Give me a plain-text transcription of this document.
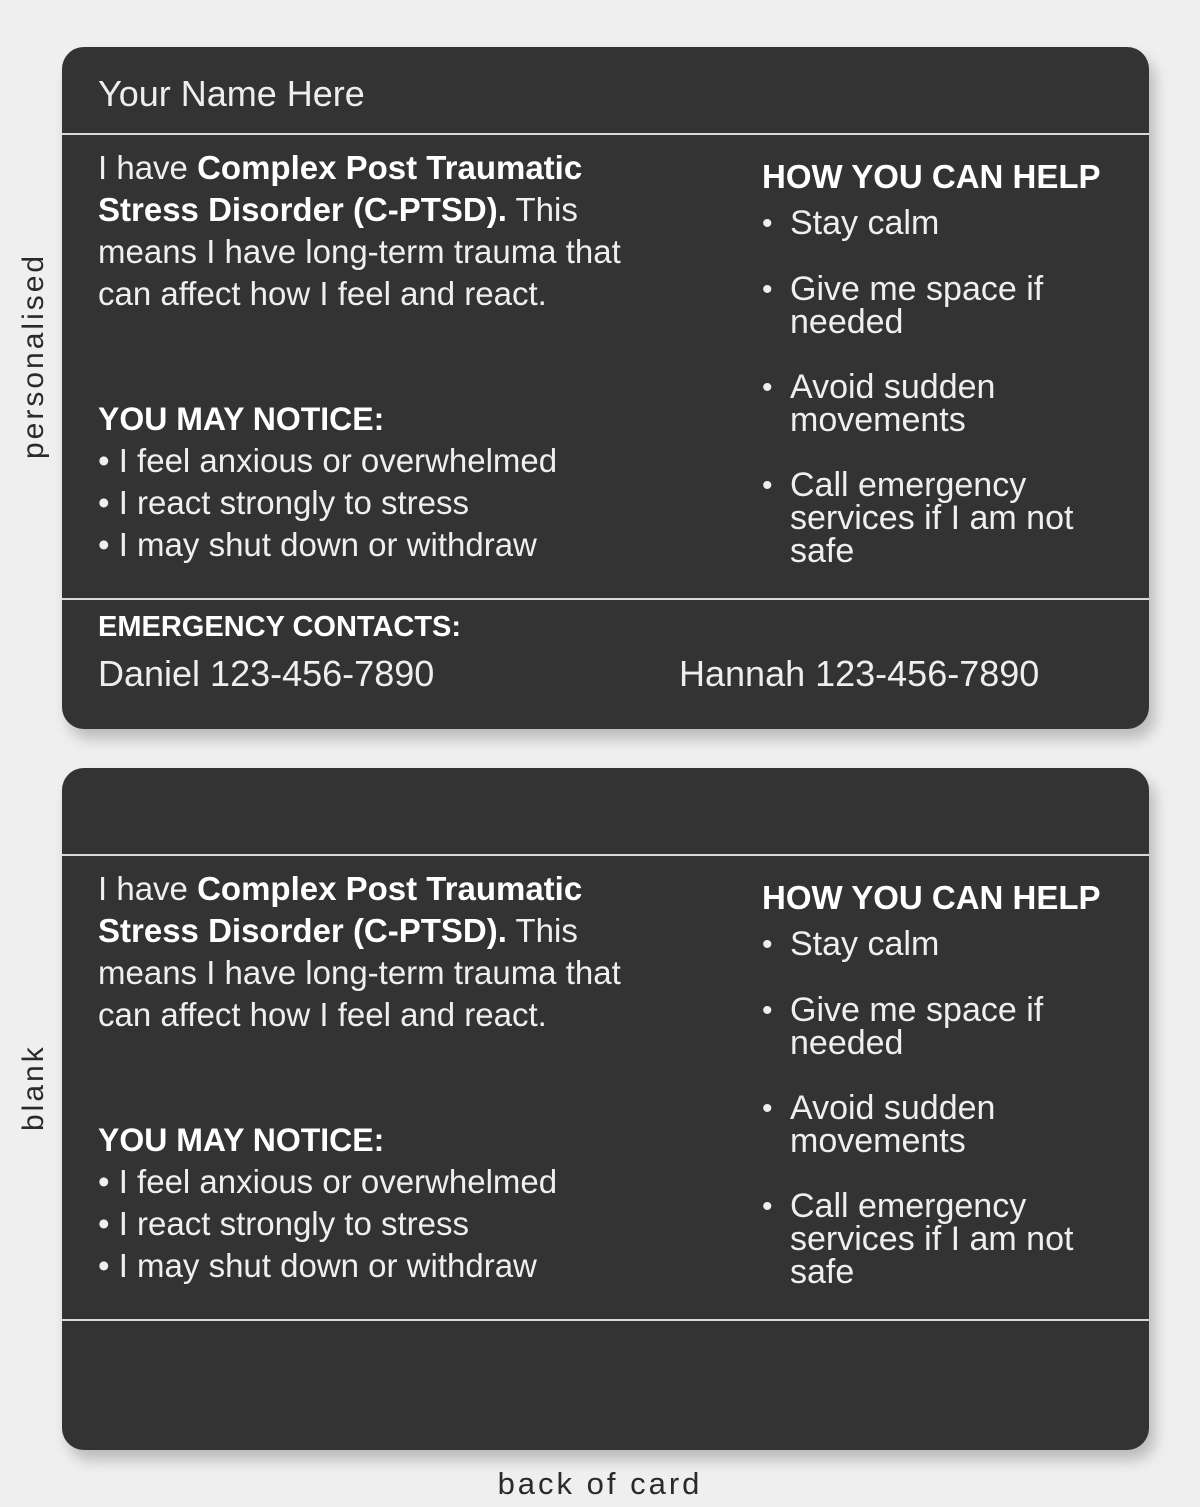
personalised
blank
Your Name Here
I have Complex Post Traumatic Stress Disorder (C-PTSD). This means I have long-term trauma that can affect how I feel and react.
YOU MAY NOTICE:
• I feel anxious or overwhelmed
• I react strongly to stress
• I may shut down or withdraw
HOW YOU CAN HELP
• Stay calm
• Give me space if needed
• Avoid sudden movements
• Call emergency services if I am not safe
EMERGENCY CONTACTS:
Daniel 123-456-7890	Hannah 123-456-7890
I have Complex Post Traumatic Stress Disorder (C-PTSD). This means I have long-term trauma that can affect how I feel and react.
YOU MAY NOTICE:
• I feel anxious or overwhelmed
• I react strongly to stress
• I may shut down or withdraw
HOW YOU CAN HELP
• Stay calm
• Give me space if needed
• Avoid sudden movements
• Call emergency services if I am not safe
back of card
